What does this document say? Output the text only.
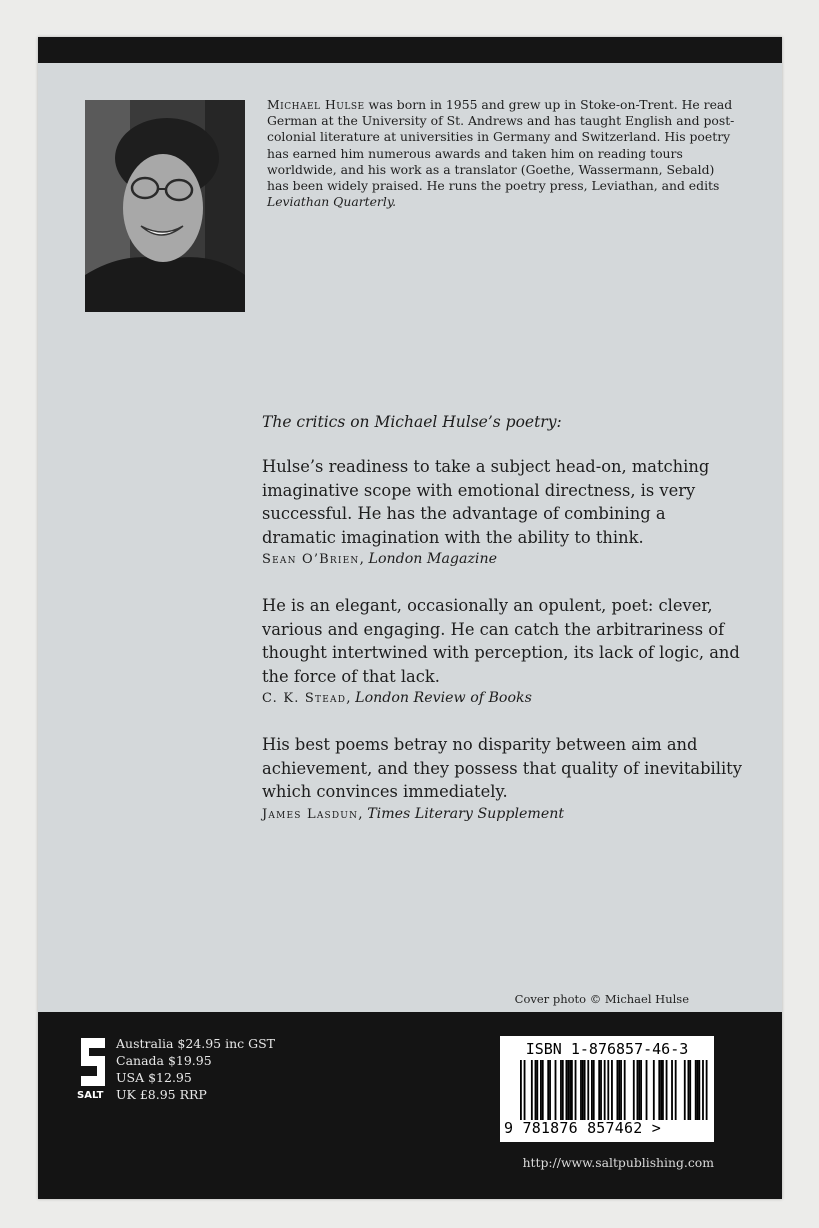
Michael Hulse was born in 1955 and grew up in Stoke-on-Trent. He read German at the University of St. Andrews and has taught English and post-colonial literature at universities in Germany and Switzerland. His poetry has earned him numerous awards and taken him on reading tours worldwide, and his work as a translator (Goethe, Wassermann, Sebald) has been widely praised. He runs the poetry press, Leviathan, and edits Leviathan Quarterly.
The critics on Michael Hulse’s poetry:
Hulse’s readiness to take a subject head-on, matching imaginative scope with emotional directness, is very successful. He has the advantage of combining a dramatic imagination with the ability to think.
Sean O’Brien, London Magazine
He is an elegant, occasionally an opulent, poet: clever, various and engaging. He can catch the arbitrariness of thought intertwined with perception, its lack of logic, and the force of that lack.
C. K. Stead, London Review of Books
His best poems betray no disparity between aim and achievement, and they possess that quality of inevitability which convinces immediately.
James Lasdun, Times Literary Supplement
Cover photo © Michael Hulse
SALT
Australia $24.95 inc GST
Canada $19.95
USA $12.95
UK £8.95 RRP
ISBN 1-876857-46-3
9 781876 857462 >
http://www.saltpublishing.com
